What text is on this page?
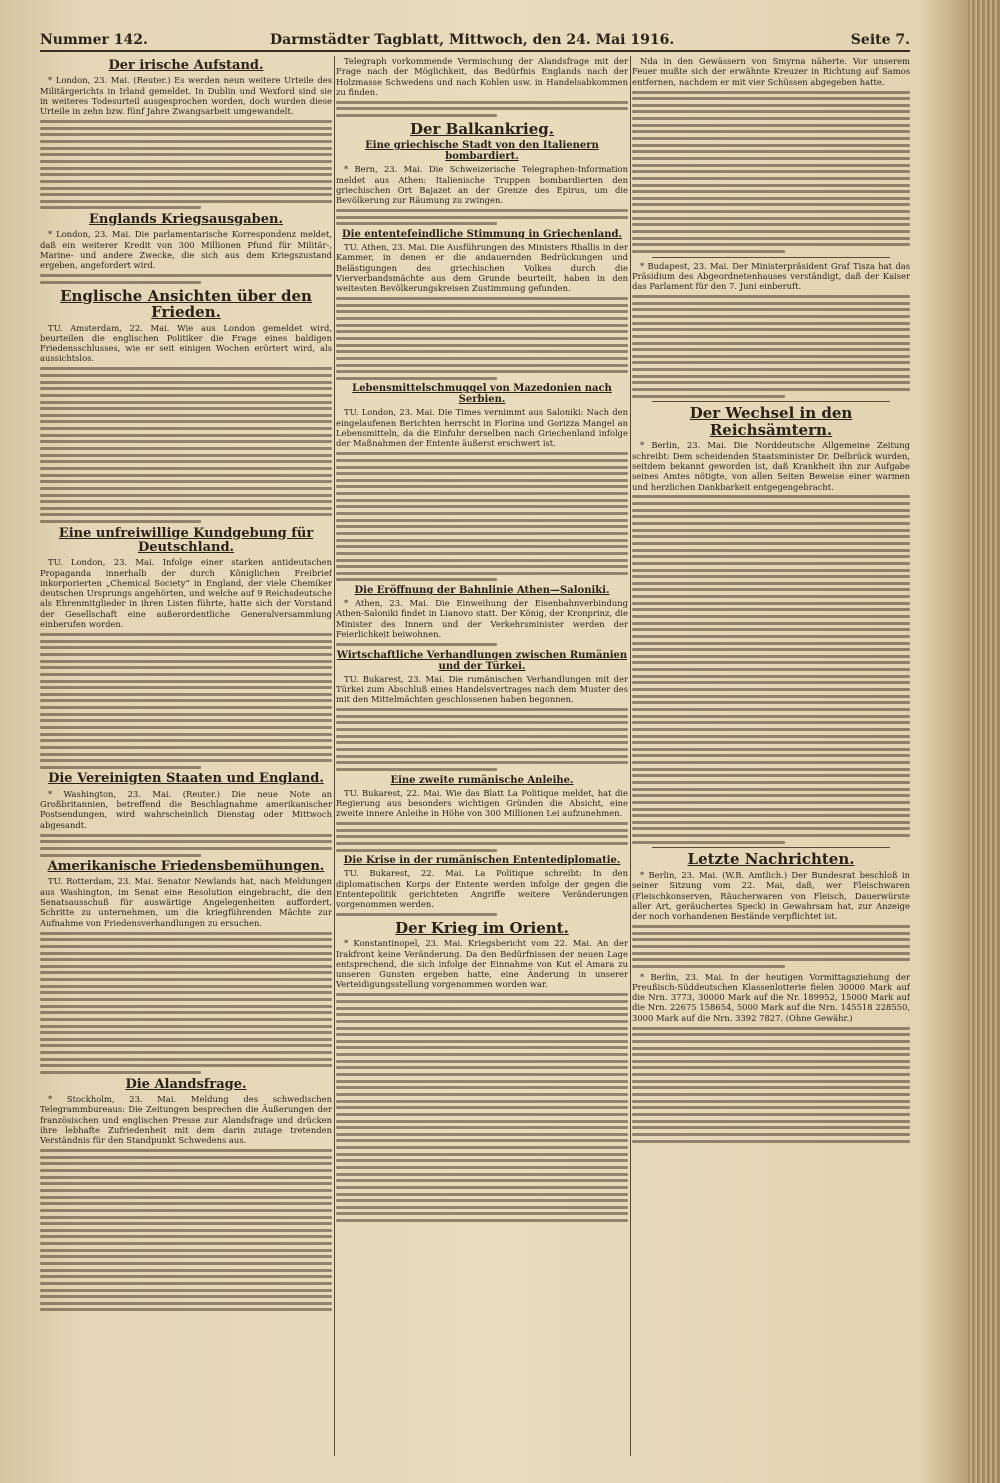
Nummer 142.	Darmstädter Tagblatt, Mittwoch, den 24. Mai 1916.	Seite 7.
Der irische Aufstand.

* London, 23. Mai. (Reuter.) Es werden neun weitere Urteile des Militärgerichts in Irland gemeldet. In Dublin und Wexford sind sie in weiteres Todesurteil ausgesprochen worden, doch wurden diese Urteile in zehn bzw. fünf Jahre Zwangsarbeit umgewandelt.

Englands Kriegsausgaben.

* London, 23. Mai. Die parlamentarische Korrespondenz meldet, daß ein weiterer Kredit von 300 Millionen Pfund für Militär-, Marine- und andere Zwecke, die sich aus dem Kriegszustand ergeben, angefordert wird.

Englische Ansichten über den Frieden.

TU. Amsterdam, 22. Mai. Wie aus London gemeldet wird, beurteilen die englischen Politiker die Frage eines baldigen Friedensschlusses, wie er seit einigen Wochen erörtert wird, als aussichtslos.

Eine unfreiwillige Kundgebung für Deutschland.

TU. London, 23. Mai. Infolge einer starken antideutschen Propaganda innerhalb der durch Königlichen Freibrief inkorporierten „Chemical Society“ in England, der viele Chemiker deutschen Ursprungs angehörten, und welche auf 9 Reichsdeutsche als Ehrenmitglieder in ihren Listen führte, hatte sich der Vorstand der Gesellschaft eine außerordentliche Generalversammlung einberufen worden.

Die Vereinigten Staaten und England.

* Washington, 23. Mai. (Reuter.) Die neue Note an Großbritannien, betreffend die Beschlagnahme amerikanischer Postsendungen, wird wahrscheinlich Dienstag oder Mittwoch abgesandt.

Amerikanische Friedensbemühungen.

TU. Rotterdam, 23. Mai. Senator Newlands hat, nach Meldungen aus Washington, im Senat eine Resolution eingebracht, die den Senatsausschuß für auswärtige Angelegenheiten auffordert, Schritte zu unternehmen, um die kriegführenden Mächte zur Aufnahme von Friedensverhandlungen zu ersuchen.

Die Alandsfrage.

* Stockholm, 23. Mai. Meldung des schwedischen Telegrammbureaus: Die Zeitungen besprechen die Äußerungen der französischen und englischen Presse zur Alandsfrage und drücken ihre lebhafte Zufriedenheit mit dem darin zutage tretenden Verständnis für den Standpunkt Schwedens aus.

Telegraph vorkommende Vermischung der Alandsfrage mit der Frage nach der Möglichkeit, das Bedürfnis Englands nach der Holzmasse Schwedens und nach Kohlen usw. in Handelsabkommen zu finden.

Der Balkankrieg.
Eine griechische Stadt von den Italienern bombardiert.

* Bern, 23. Mai. Die Schweizerische Telegraphen-Information meldet aus Athen: Italienische Truppen bombardierten den griechischen Ort Bajazet an der Grenze des Epirus, um die Bevölkerung zur Räumung zu zwingen.

Die ententefeindliche Stimmung in Griechenland.

TU. Athen, 23. Mai. Die Ausführungen des Ministers Rhallis in der Kammer, in denen er die andauernden Bedrückungen und Belästigungen des griechischen Volkes durch die Vierverbandsmächte aus dem Grunde beurteilt, haben in den weitesten Bevölkerungskreisen Zustimmung gefunden.

Lebensmittelschmuggel von Mazedonien nach Serbien.

TU. London, 23. Mai. Die Times vernimmt aus Saloniki: Nach den eingelaufenen Berichten herrscht in Florina und Gorizza Mangel an Lebensmitteln, da die Einfuhr derselben nach Griechenland infolge der Maßnahmen der Entente äußerst erschwert ist.

Die Eröffnung der Bahnlinie Athen—Saloniki.

* Athen, 23. Mai. Die Einweihung der Eisenbahnverbindung Athen-Saloniki findet in Lianovo statt. Der König, der Kronprinz, die Minister des Innern und der Verkehrsminister werden der Feierlichkeit beiwohnen.

Wirtschaftliche Verhandlungen zwischen Rumänien und der Türkei.

TU. Bukarest, 23. Mai. Die rumänischen Verhandlungen mit der Türkei zum Abschluß eines Handelsvertrages nach dem Muster des mit den Mittelmächten geschlossenen haben begonnen.

Eine zweite rumänische Anleihe.

TU. Bukarest, 22. Mai. Wie das Blatt La Politique meldet, hat die Regierung aus besonders wichtigen Gründen die Absicht, eine zweite innere Anleihe in Höhe von 300 Millionen Lei aufzunehmen.

Die Krise in der rumänischen Ententediplomatie.

TU. Bukarest, 22. Mai. La Politique schreibt: In den diplomatischen Korps der Entente werden infolge der gegen die Ententepolitik gerichteten Angriffe weitere Veränderungen vorgenommen werden.

Der Krieg im Orient.

* Konstantinopel, 23. Mai. Kriegsbericht vom 22. Mai. An der Irakfront keine Veränderung. Da den Bedürfnissen der neuen Lage entsprechend, die sich infolge der Einnahme von Kut el Amara zu unseren Gunsten ergeben hatte, eine Änderung in unserer Verteidigungsstellung vorgenommen worden war.

Nda in den Gewässern von Smyrna näherte. Vor unserem Feuer mußte sich der erwähnte Kreuzer in Richtung auf Samos entfernen, nachdem er mit vier Schüssen abgegeben hatte.

* Budapest, 23. Mai. Der Ministerpräsident Graf Tisza hat das Präsidium des Abgeordnetenhauses verständigt, daß der Kaiser das Parlament für den 7. Juni einberuft.

Der Wechsel in den Reichsämtern.

* Berlin, 23. Mai. Die Norddeutsche Allgemeine Zeitung schreibt: Dem scheidenden Staatsminister Dr. Delbrück wurden, seitdem bekannt geworden ist, daß Krankheit ihn zur Aufgabe seines Amtes nötigte, von allen Seiten Beweise einer warmen und herzlichen Dankbarkeit entgegengebracht.

Letzte Nachrichten.

* Berlin, 23. Mai. (W.B. Amtlich.) Der Bundesrat beschloß in seiner Sitzung vom 22. Mai, daß, wer Fleischwaren (Fleischkonserven, Räucherwaren von Fleisch, Dauerwürste aller Art, geräuchertes Speck) in Gewahrsam hat, zur Anzeige der noch vorhandenen Bestände verpflichtet ist.

* Berlin, 23. Mai. In der heutigen Vormittagsziehung der Preußisch-Süddeutschen Klassenlotterie fielen 30000 Mark auf die Nrn. 3773, 30000 Mark auf die Nr. 189952, 15000 Mark auf die Nrn. 22675 158654, 5000 Mark auf die Nrn. 145518 228550, 3000 Mark auf die Nrn. 3392 7827. (Ohne Gewähr.)
